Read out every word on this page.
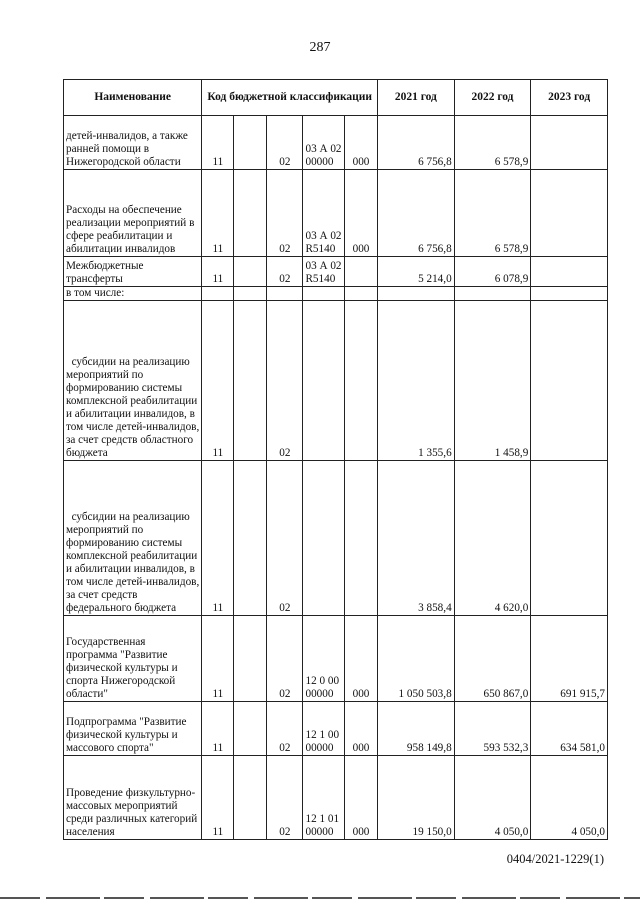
287
Наименование	Код бюджетной классификации					2021 год	2022 год	2023 год
детей-инвалидов, а также ранней помощи в Нижегородской области	11		02	03 А 02 00000	000	6 756,8	6 578,9	
Расходы на обеспечение реализации мероприятий в сфере реабилитации и абилитации инвалидов	11		02	03 А 02 R5140	000	6 756,8	6 578,9	
Межбюджетные трансферты	11		02	03 А 02 R5140		5 214,0	6 078,9	
в том числе:								
субсидии на реализацию мероприятий по формированию системы комплексной реабилитации и абилитации инвалидов, в том числе детей-инвалидов, за счет средств областного бюджета	11		02			1 355,6	1 458,9	
субсидии на реализацию мероприятий по формированию системы комплексной реабилитации и абилитации инвалидов, в том числе детей-инвалидов, за счет средств федерального бюджета	11		02			3 858,4	4 620,0	
Государственная программа "Развитие физической культуры и спорта Нижегородской области"	11		02	12 0 00 00000	000	1 050 503,8	650 867,0	691 915,7
Подпрограмма "Развитие физической культуры и массового спорта"	11		02	12 1 00 00000	000	958 149,8	593 532,3	634 581,0
Проведение физкультурно-массовых мероприятий среди различных категорий населения	11		02	12 1 01 00000	000	19 150,0	4 050,0	4 050,0
0404/2021-1229(1)
